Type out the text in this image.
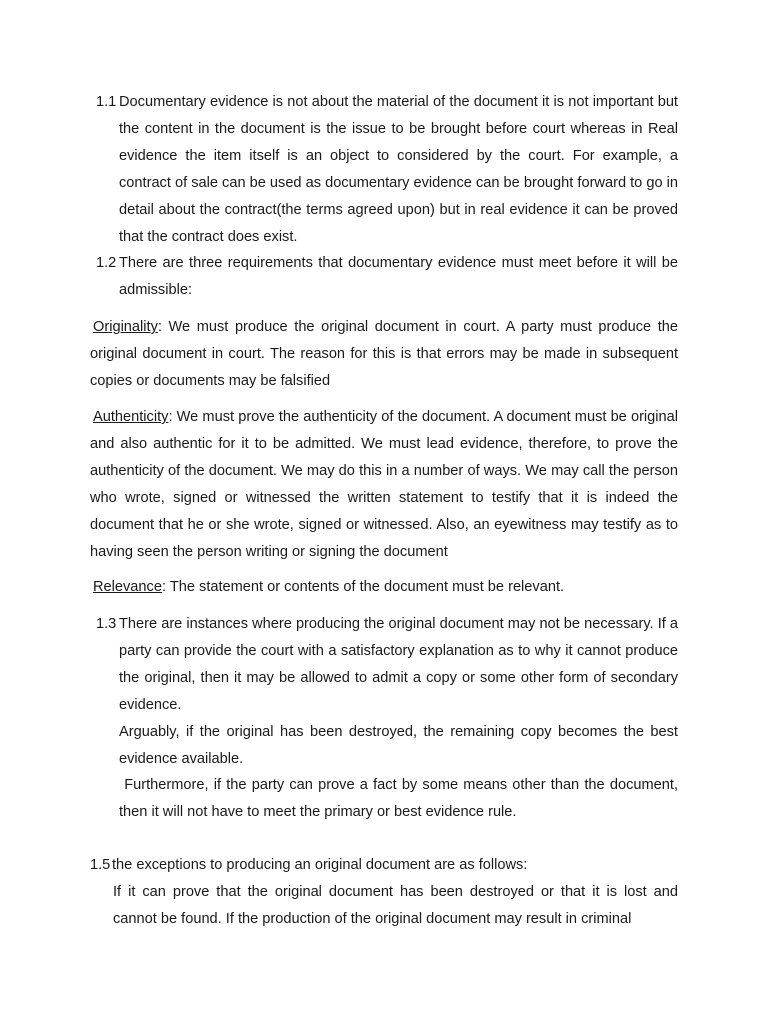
1.1 Documentary evidence is not about the material of the document it is not important but the content in the document is the issue to be brought before court whereas in Real evidence the item itself is an object to considered by the court. For example, a contract of sale can be used as documentary evidence can be brought forward to go in detail about the contract(the terms agreed upon) but in real evidence it can be proved that the contract does exist.
1.2 There are three requirements that documentary evidence must meet before it will be admissible:
Originality: We must produce the original document in court. A party must produce the original document in court. The reason for this is that errors may be made in subsequent copies or documents may be falsified
Authenticity: We must prove the authenticity of the document. A document must be original and also authentic for it to be admitted. We must lead evidence, therefore, to prove the authenticity of the document. We may do this in a number of ways. We may call the person who wrote, signed or witnessed the written statement to testify that it is indeed the document that he or she wrote, signed or witnessed. Also, an eyewitness may testify as to having seen the person writing or signing the document
Relevance: The statement or contents of the document must be relevant.
1.3 There are instances where producing the original document may not be necessary. If a party can provide the court with a satisfactory explanation as to why it cannot produce the original, then it may be allowed to admit a copy or some other form of secondary evidence.
Arguably, if the original has been destroyed, the remaining copy becomes the best evidence available.
Furthermore, if the party can prove a fact by some means other than the document, then it will not have to meet the primary or best evidence rule.
1.5 the exceptions to producing an original document are as follows:
If it can prove that the original document has been destroyed or that it is lost and cannot be found. If the production of the original document may result in criminal
